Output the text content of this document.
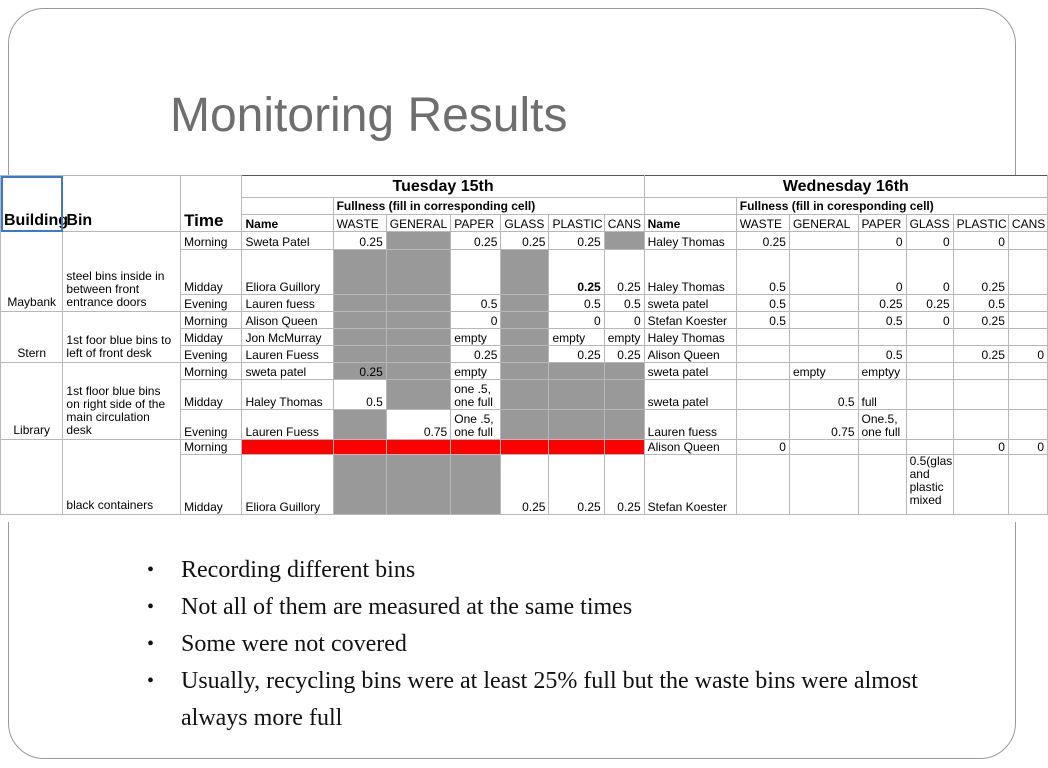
Monitoring Results
Building	Bin	Time	Tuesday 15th							Wednesday 16th						
				Fullness (fill in corresponding cell)							Fullness (fill in coresponding cell)					
			Name	WASTE	GENERAL	PAPER	GLASS	PLASTIC	CANS	Name	WASTE	GENERAL	PAPER	GLASS	PLASTIC	CANS
Maybank	steel bins inside in between front entrance doors	Morning	Sweta Patel	0.25		0.25	0.25	0.25		Haley Thomas	0.25		0	0	0	
		Midday	Eliora Guillory					0.25	0.25	Haley Thomas	0.5		0	0	0.25	
		Evening	Lauren fuess			0.5		0.5	0.5	sweta patel	0.5		0.25	0.25	0.5	
Stern	1st foor blue bins to left of front desk	Morning	Alison Queen			0		0	0	Stefan Koester	0.5		0.5	0	0.25	
		Midday	Jon McMurray			empty		empty	empty	Haley Thomas						
		Evening	Lauren Fuess			0.25		0.25	0.25	Alison Queen			0.5		0.25	0
Library	1st floor blue bins on right side of the main circulation desk	Morning	sweta patel	0.25		empty				sweta patel		empty	emptyy			
		Midday	Haley Thomas	0.5		one .5, one full				sweta patel		0.5	full			
		Evening	Lauren Fuess		0.75	One .5, one full				Lauren fuess		0.75	One.5, one full			
	black containers	Morning								Alison Queen	0				0	0
		Midday	Eliora Guillory				0.25	0.25	0.25	Stefan Koester				0.5(glas and plastic mixed		
• Recording different bins
• Not all of them are measured at the same times
• Some were not covered
• Usually, recycling bins were at least 25% full but the waste bins were almost always more full
